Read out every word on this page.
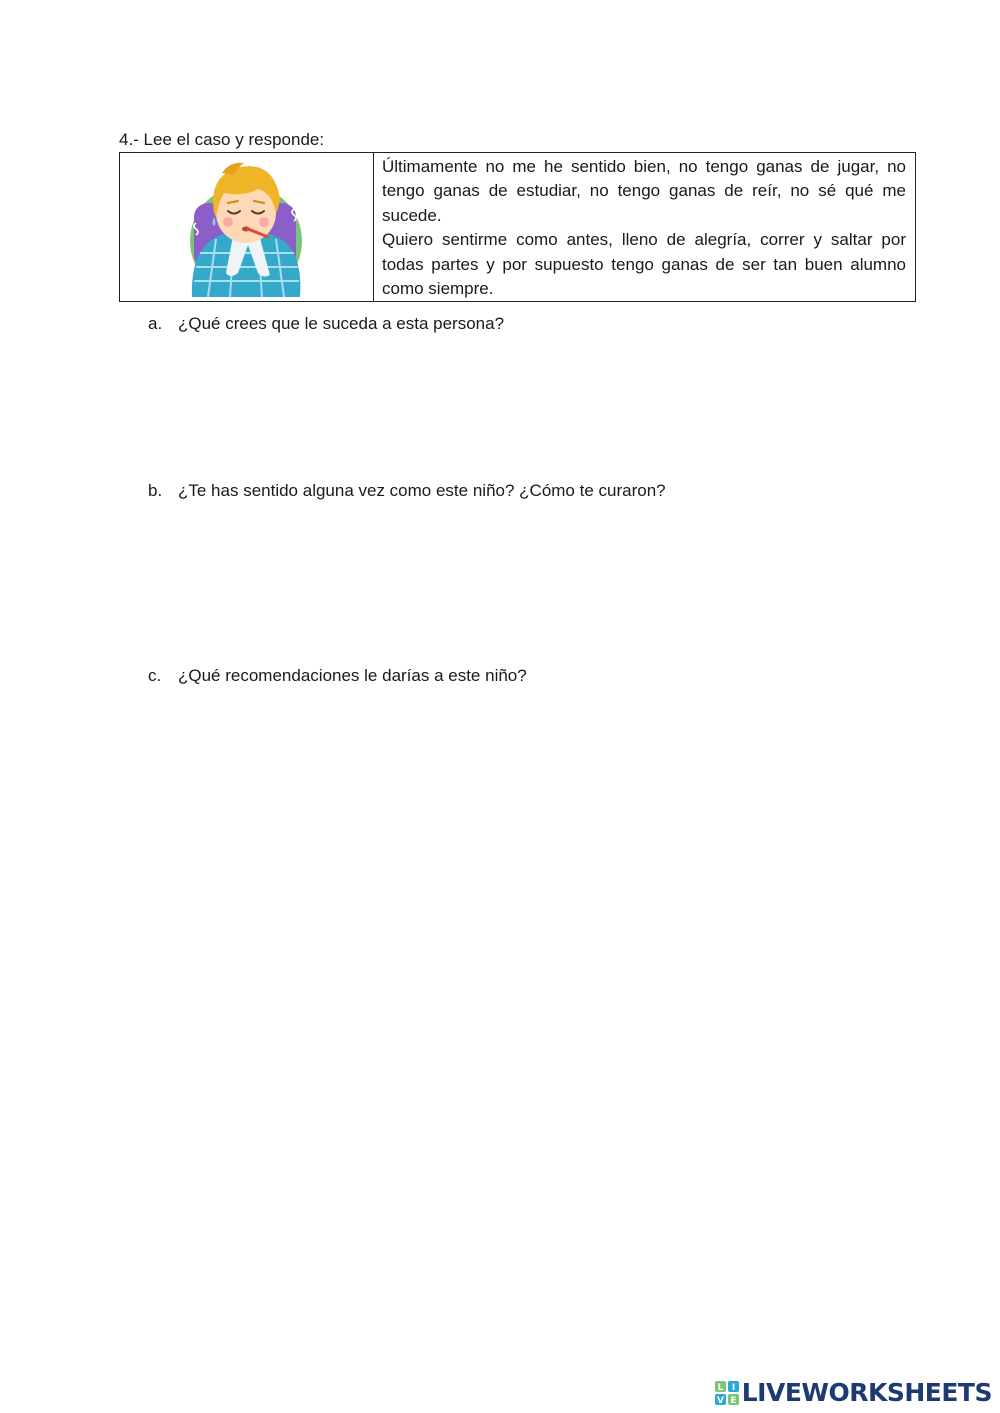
4.- Lee el caso y responde:

Últimamente no me he sentido bien, no tengo ganas de jugar, no tengo ganas de estudiar, no tengo ganas de reír, no sé qué me sucede.

Quiero sentirme como antes, lleno de alegría, correr y saltar por todas partes y por supuesto tengo ganas de ser tan buen alumno como siempre.

a. ¿Qué crees que le suceda a esta persona?
b. ¿Te has sentido alguna vez como este niño? ¿Cómo te curaron?
c. ¿Qué recomendaciones le darías a este niño?
L I
V E LIVEWORKSHEETS
